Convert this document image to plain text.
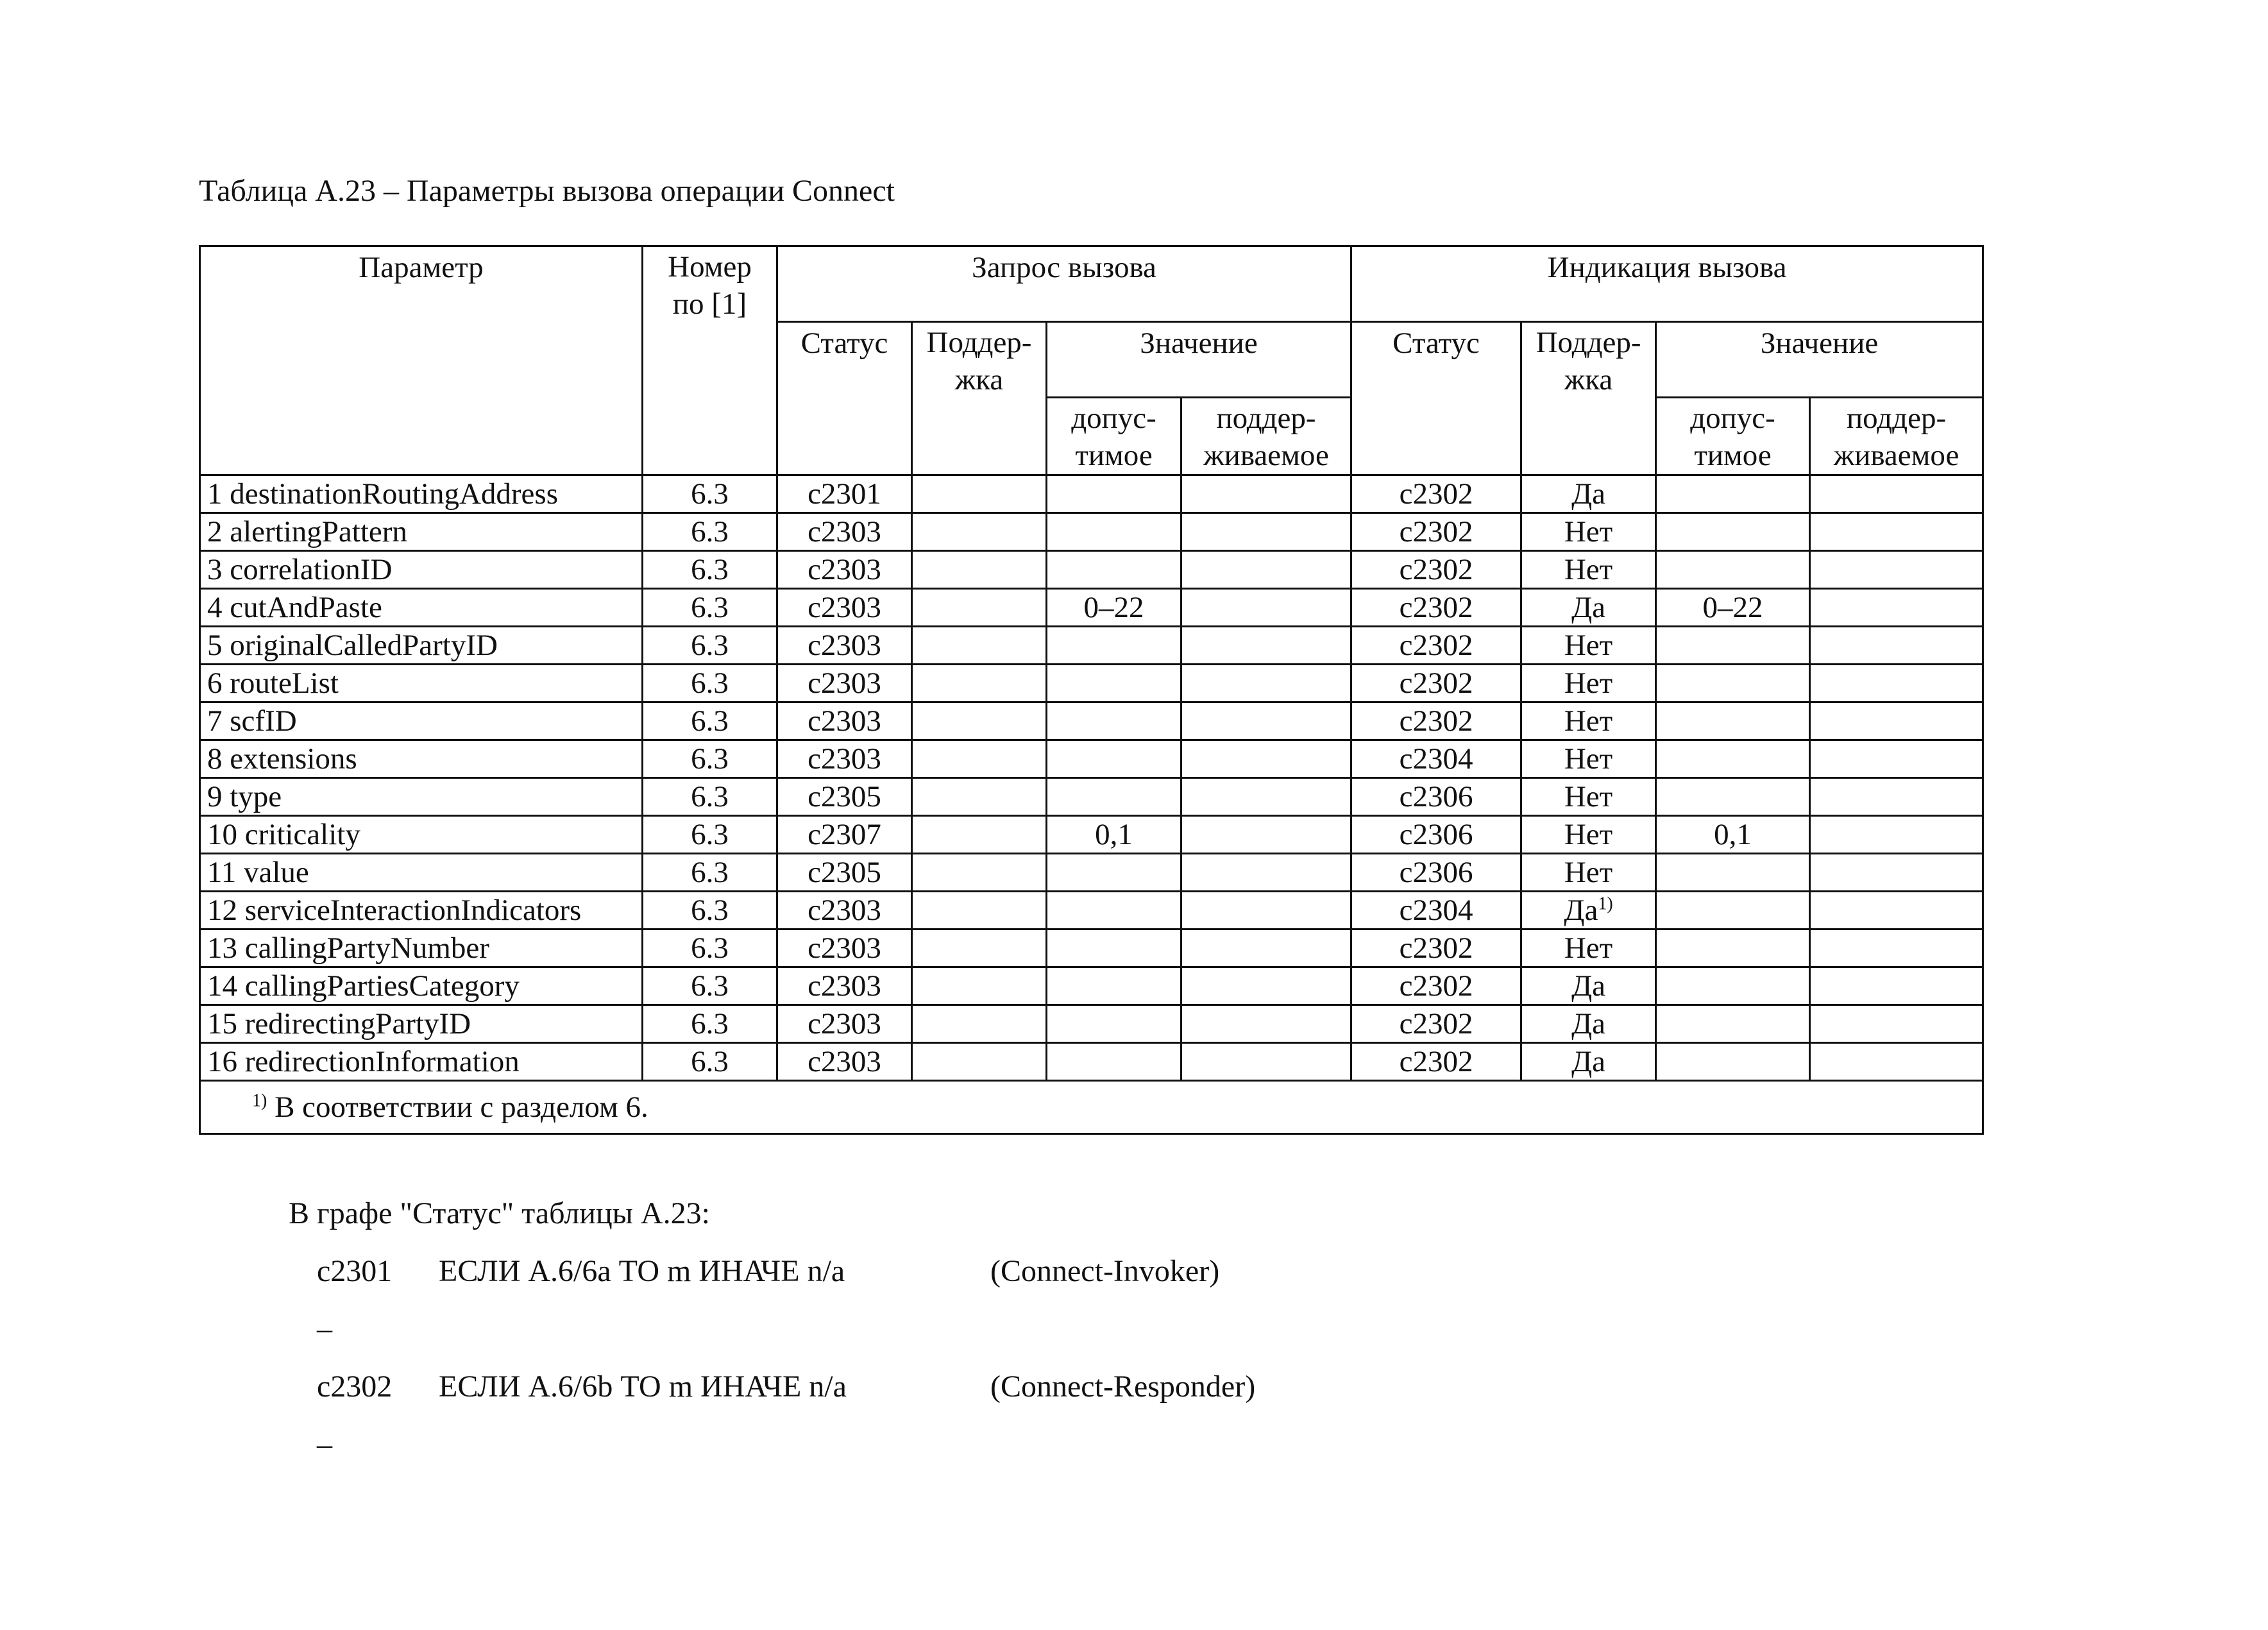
Таблица А.23 – Параметры вызова операции Connect
Параметр	Номер по [1]	Запрос вызова				Индикация вызова			
		Статус	Поддер-жка	Значение		Статус	Поддер-жка	Значение	
				допус-тимое	поддер-живаемое			допус-тимое	поддер-живаемое
1 destinationRoutingAddress	6.3	c2301				c2302	Да		
2 alertingPattern	6.3	c2303				c2302	Нет		
3 correlationID	6.3	c2303				c2302	Нет		
4 cutAndPaste	6.3	c2303		0–22		c2302	Да	0–22	
5 originalCalledPartyID	6.3	c2303				c2302	Нет		
6 routeList	6.3	c2303				c2302	Нет		
7 scfID	6.3	c2303				c2302	Нет		
8 extensions	6.3	c2303				c2304	Нет		
9 type	6.3	c2305				c2306	Нет		
10 criticality	6.3	c2307		0,1		c2306	Нет	0,1	
11 value	6.3	c2305				c2306	Нет		
12 serviceInteractionIndicators	6.3	c2303				c2304	$Да^{1)}$		
13 callingPartyNumber	6.3	c2303				c2302	Нет		
14 callingPartiesCategory	6.3	c2303				c2302	Да		
15 redirectingPartyID	6.3	c2303				c2302	Да		
16 redirectionInformation	6.3	c2303				c2302	Да		
$^{1)}$ В соответствии с разделом 6.									
В графе "Статус" таблицы А.23:
c2301 ЕСЛИ А.6/6а ТО m ИНАЧЕ n/a	(Connect-Invoker)
–
c2302 ЕСЛИ А.6/6b ТО m ИНАЧЕ n/a	(Connect-Responder)
–
